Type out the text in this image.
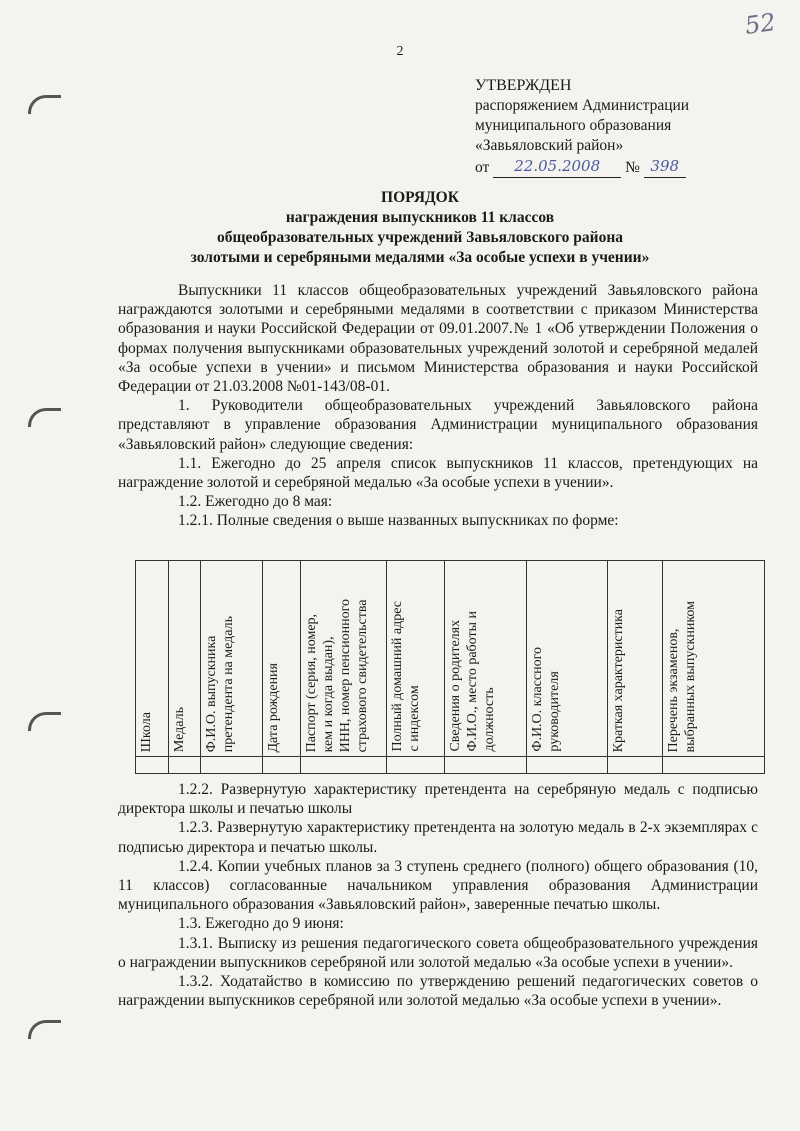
2
52
УТВЕРЖДЕН
распоряжением Администрации
муниципального образования
«Завьяловский район»
от 22.05.2008 № 398
ПОРЯДОК
награждения выпускников 11 классов
общеобразовательных учреждений Завьяловского района
золотыми и серебряными медалями «За особые успехи в учении»

Выпускники 11 классов общеобразовательных учреждений Завьяловского района награждаются золотыми и серебряными медалями в соответствии с приказом Министерства образования и науки Российской Федерации от 09.01.2007.№ 1 «Об утверждении Положения о формах получения выпускниками образовательных учреждений золотой и серебряной медалей «За особые успехи в учении» и письмом Министерства образования и науки Российской Федерации от 21.03.2008 №01-143/08-01.

1. Руководители общеобразовательных учреждений Завьяловского района представляют в управление образования Администрации муниципального образования «Завьяловский район» следующие сведения:

1.1. Ежегодно до 25 апреля список выпускников 11 классов, претендующих на награждение золотой и серебряной медалью «За особые успехи в учении».

1.2. Ежегодно до 8 мая:

1.2.1. Полные сведения о выше названных выпускниках по форме:

Школа	Медаль	Ф.И.О. выпускника претендента на медаль	Дата рождения	Паспорт (серия, номер, кем и когда выдан), ИНН, номер пенсионного страхового свидетельства	Полный домашний адрес с индексом	Сведения о родителях Ф.И.О., место работы и должность	Ф.И.О. классного руководителя	Краткая характеристика	Перечень экзаменов, выбранных выпускником

1.2.2. Развернутую характеристику претендента на серебряную медаль с подписью директора школы и печатью школы

1.2.3. Развернутую характеристику претендента на золотую медаль в 2-х экземплярах с подписью директора и печатью школы.

1.2.4. Копии учебных планов за 3 ступень среднего (полного) общего образования (10, 11 классов) согласованные начальником управления образования Администрации муниципального образования «Завьяловский район», заверенные печатью школы.

1.3. Ежегодно до 9 июня:

1.3.1. Выписку из решения педагогического совета общеобразовательного учреждения о награждении выпускников серебряной или золотой медалью «За особые успехи в учении».

1.3.2. Ходатайство в комиссию по утверждению решений педагогических советов о награждении выпускников серебряной или золотой медалью «За особые успехи в учении».
